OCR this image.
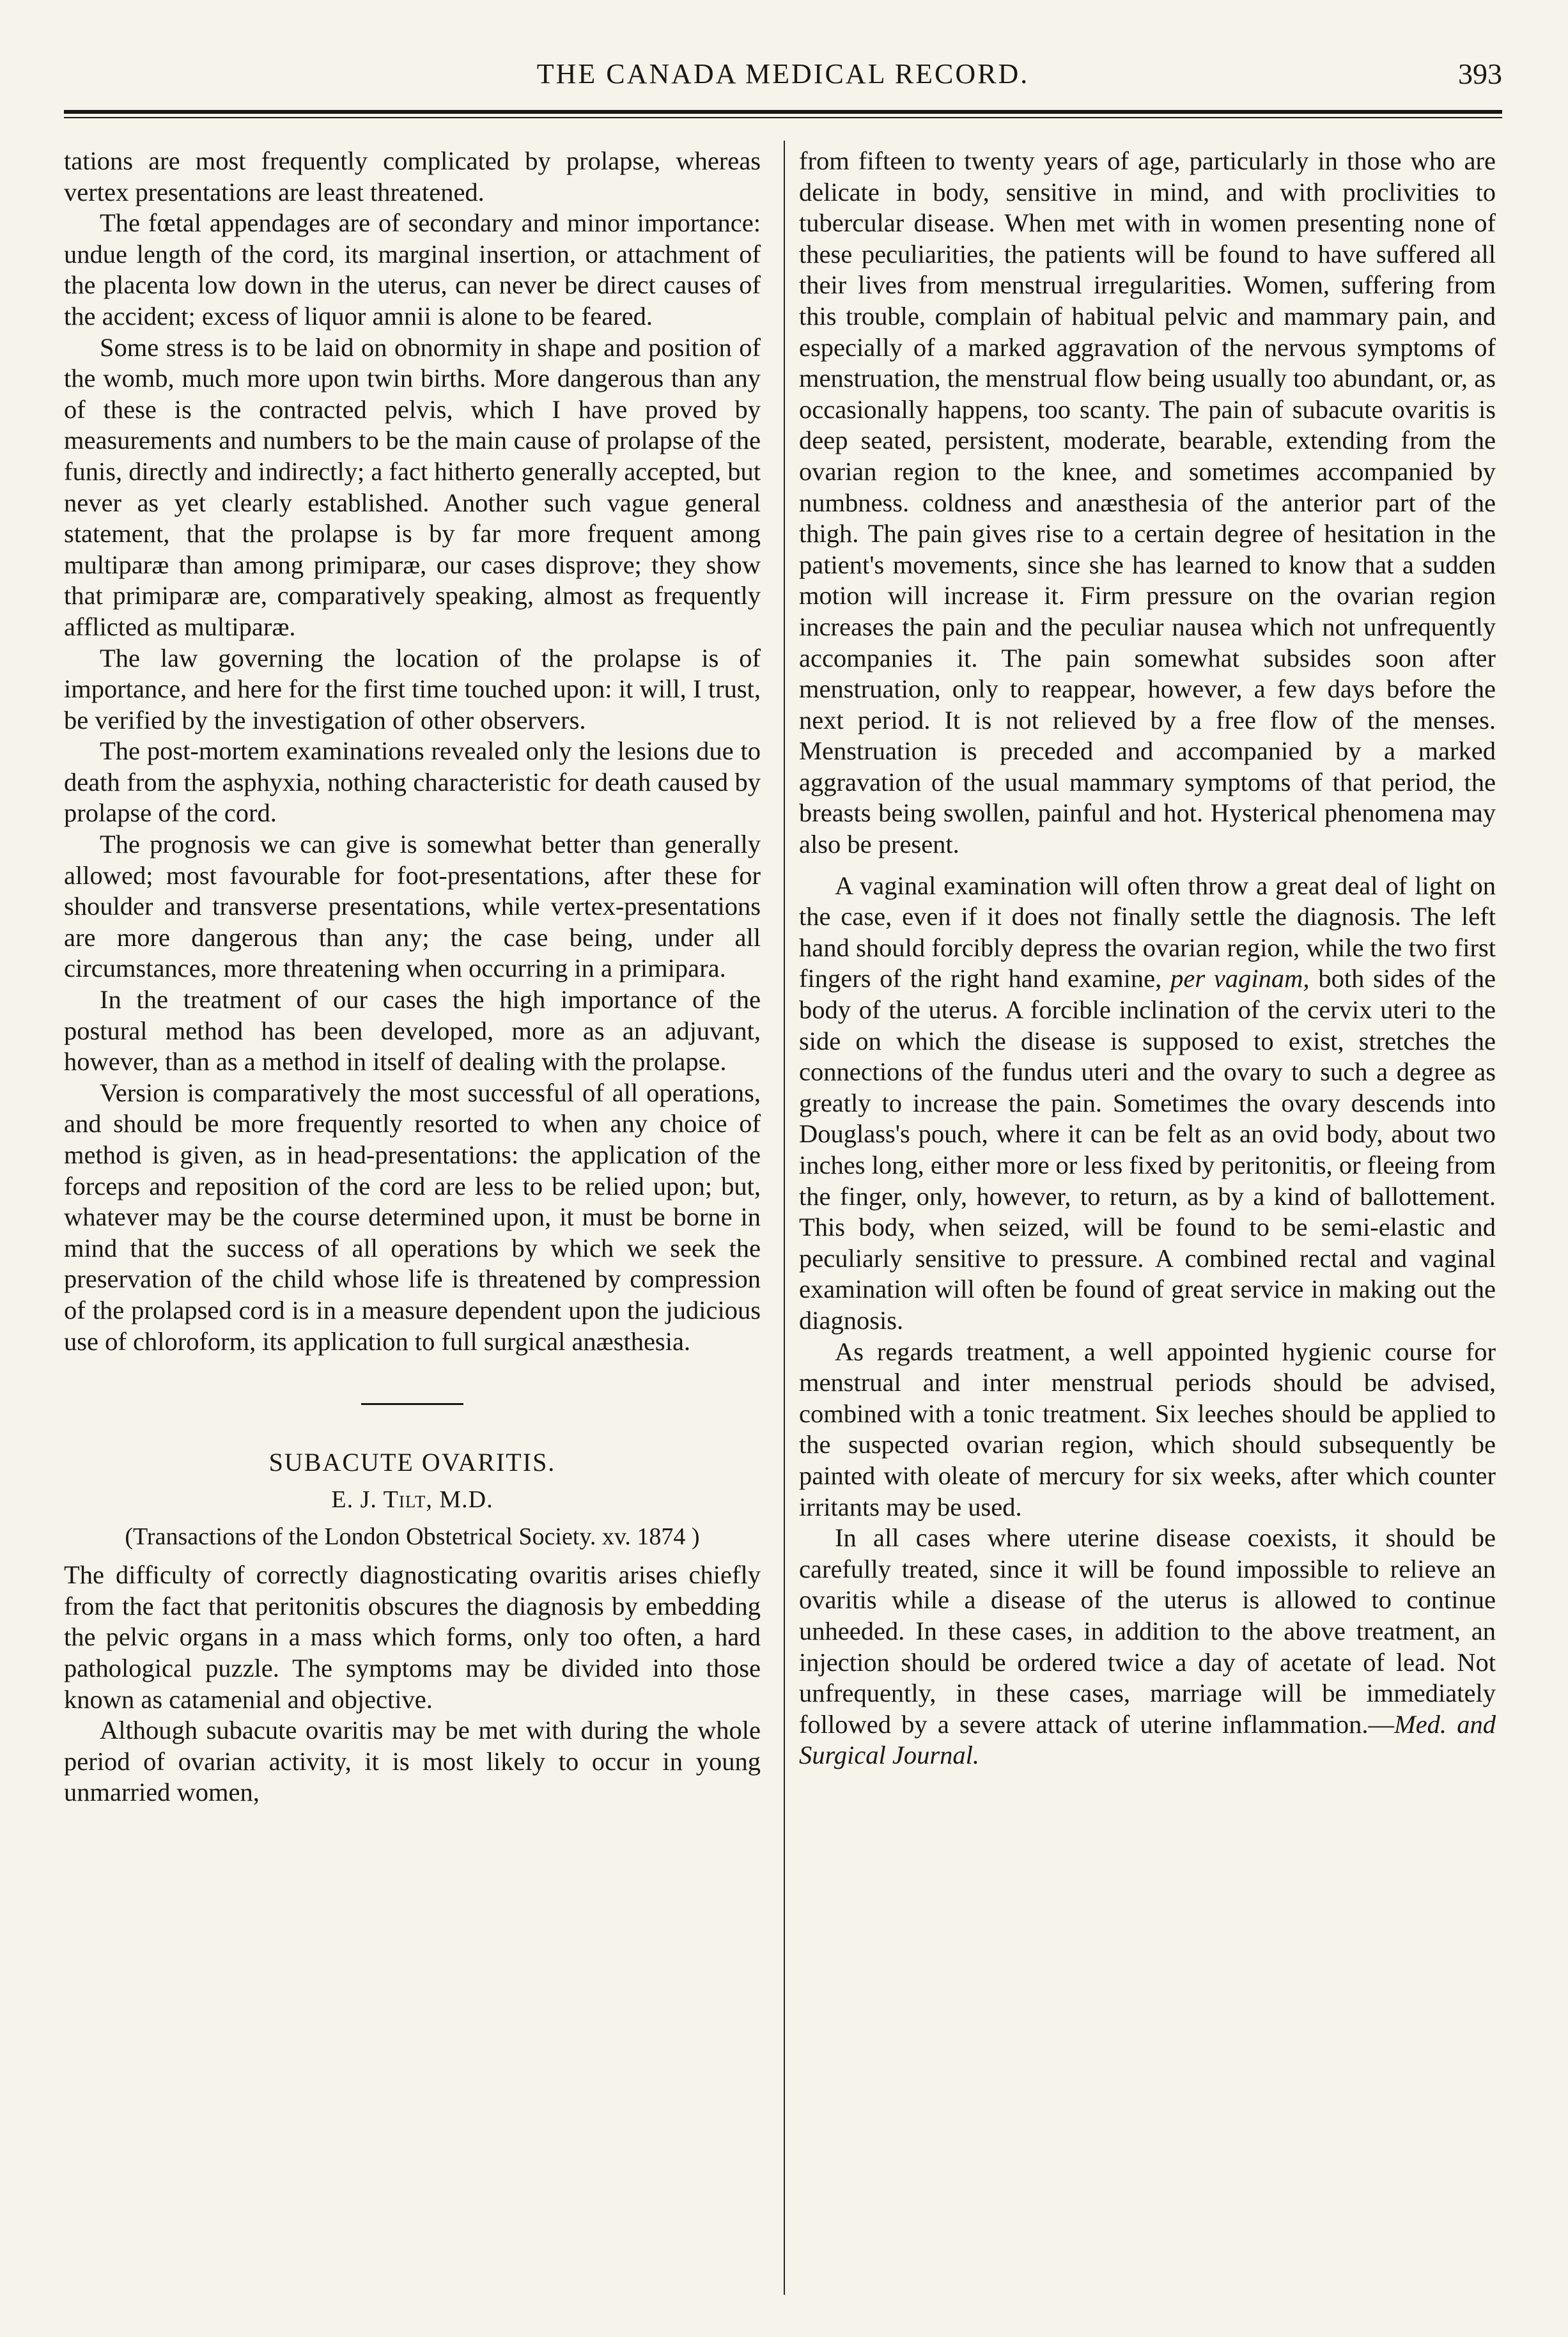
THE CANADA MEDICAL RECORD.	393

tations are most frequently complicated by prolapse, whereas vertex presentations are least threatened.

The fœtal appendages are of secondary and minor importance: undue length of the cord, its marginal insertion, or attachment of the placenta low down in the uterus, can never be direct causes of the accident; excess of liquor amnii is alone to be feared.

Some stress is to be laid on obnormity in shape and position of the womb, much more upon twin births. More dangerous than any of these is the contracted pelvis, which I have proved by measurements and numbers to be the main cause of prolapse of the funis, directly and indirectly; a fact hitherto generally accepted, but never as yet clearly established. Another such vague general statement, that the prolapse is by far more frequent among multiparæ than among primiparæ, our cases disprove; they show that primiparæ are, comparatively speaking, almost as frequently afflicted as multiparæ.

The law governing the location of the prolapse is of importance, and here for the first time touched upon: it will, I trust, be verified by the investigation of other observers.

The post-mortem examinations revealed only the lesions due to death from the asphyxia, nothing characteristic for death caused by prolapse of the cord.

The prognosis we can give is somewhat better than generally allowed; most favourable for foot-presentations, after these for shoulder and transverse presentations, while vertex-presentations are more dangerous than any; the case being, under all circumstances, more threatening when occurring in a primipara.

In the treatment of our cases the high importance of the postural method has been developed, more as an adjuvant, however, than as a method in itself of dealing with the prolapse.

Version is comparatively the most successful of all operations, and should be more frequently resorted to when any choice of method is given, as in head-presentations: the application of the forceps and reposition of the cord are less to be relied upon; but, whatever may be the course determined upon, it must be borne in mind that the success of all operations by which we seek the preservation of the child whose life is threatened by compression of the prolapsed cord is in a measure dependent upon the judicious use of chloroform, its application to full surgical anæsthesia.

SUBACUTE OVARITIS.
E. J. Tilt, M.D.
(Transactions of the London Obstetrical Society. xv. 1874 )

The difficulty of correctly diagnosticating ovaritis arises chiefly from the fact that peritonitis obscures the diagnosis by embedding the pelvic organs in a mass which forms, only too often, a hard pathological puzzle. The symptoms may be divided into those known as catamenial and objective.

Although subacute ovaritis may be met with during the whole period of ovarian activity, it is most likely to occur in young unmarried women,

from fifteen to twenty years of age, particularly in those who are delicate in body, sensitive in mind, and with proclivities to tubercular disease. When met with in women presenting none of these peculiarities, the patients will be found to have suffered all their lives from menstrual irregularities. Women, suffering from this trouble, complain of habitual pelvic and mammary pain, and especially of a marked aggravation of the nervous symptoms of menstruation, the menstrual flow being usually too abundant, or, as occasionally happens, too scanty. The pain of subacute ovaritis is deep seated, persistent, moderate, bearable, extending from the ovarian region to the knee, and sometimes accompanied by numbness. coldness and anæsthesia of the anterior part of the thigh. The pain gives rise to a certain degree of hesitation in the patient's movements, since she has learned to know that a sudden motion will increase it. Firm pressure on the ovarian region increases the pain and the peculiar nausea which not unfrequently accompanies it. The pain somewhat subsides soon after menstruation, only to reappear, however, a few days before the next period. It is not relieved by a free flow of the menses. Menstruation is preceded and accompanied by a marked aggravation of the usual mammary symptoms of that period, the breasts being swollen, painful and hot. Hysterical phenomena may also be present.

A vaginal examination will often throw a great deal of light on the case, even if it does not finally settle the diagnosis. The left hand should forcibly depress the ovarian region, while the two first fingers of the right hand examine, per vaginam, both sides of the body of the uterus. A forcible inclination of the cervix uteri to the side on which the disease is supposed to exist, stretches the connections of the fundus uteri and the ovary to such a degree as greatly to increase the pain. Sometimes the ovary descends into Douglass's pouch, where it can be felt as an ovid body, about two inches long, either more or less fixed by peritonitis, or fleeing from the finger, only, however, to return, as by a kind of ballottement. This body, when seized, will be found to be semi-elastic and peculiarly sensitive to pressure. A combined rectal and vaginal examination will often be found of great service in making out the diagnosis.

As regards treatment, a well appointed hygienic course for menstrual and inter menstrual periods should be advised, combined with a tonic treatment. Six leeches should be applied to the suspected ovarian region, which should subsequently be painted with oleate of mercury for six weeks, after which counter irritants may be used.

In all cases where uterine disease coexists, it should be carefully treated, since it will be found impossible to relieve an ovaritis while a disease of the uterus is allowed to continue unheeded. In these cases, in addition to the above treatment, an injection should be ordered twice a day of acetate of lead. Not unfrequently, in these cases, marriage will be immediately followed by a severe attack of uterine inflammation.—Med. and Surgical Journal.
